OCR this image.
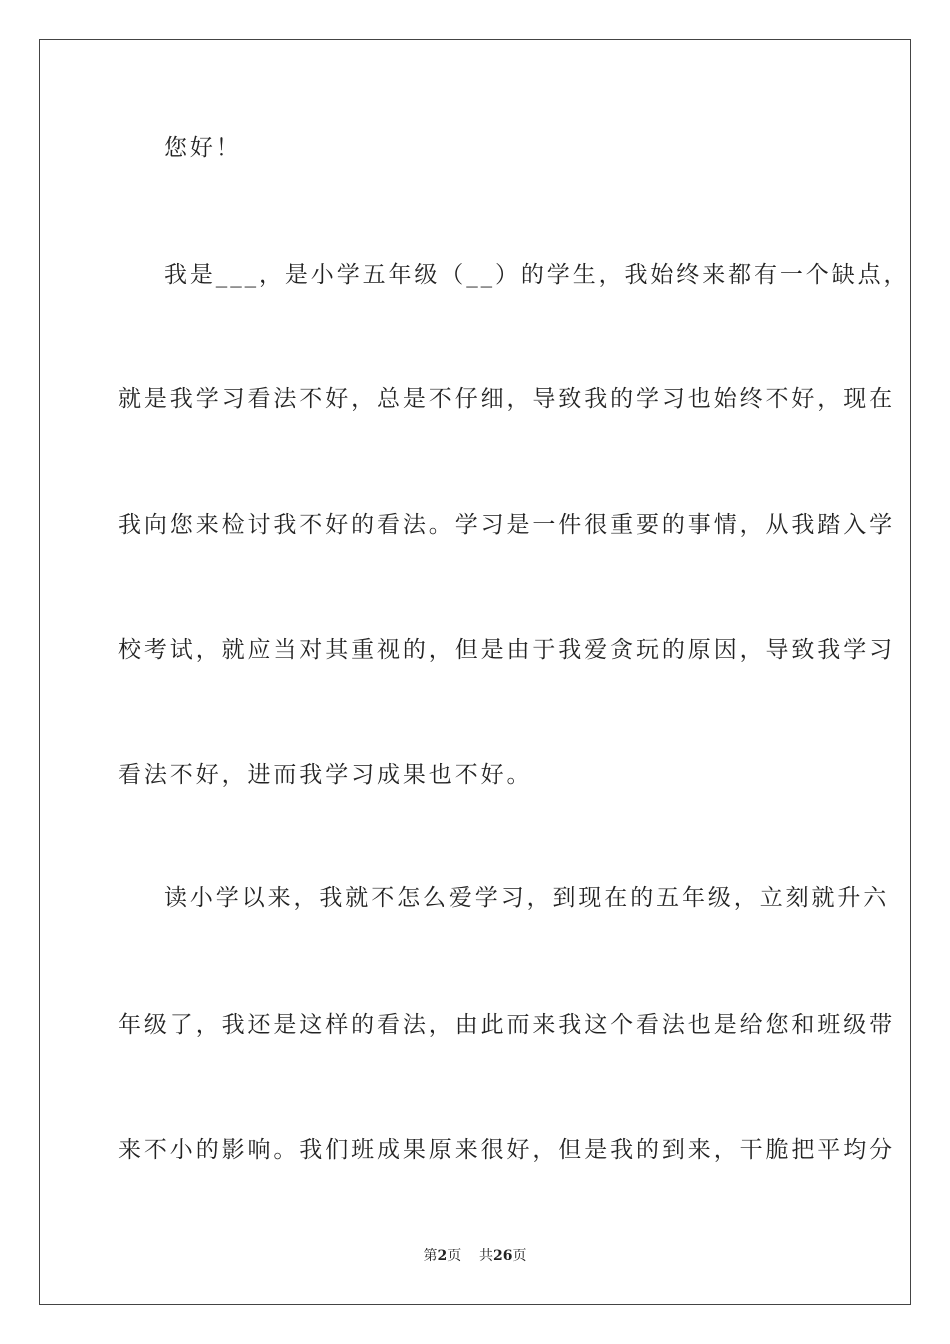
您好！

我是___，是小学五年级（__）的学生，我始终来都有一个缺点，

就是我学习看法不好，总是不仔细，导致我的学习也始终不好，现在

我向您来检讨我不好的看法。学习是一件很重要的事情，从我踏入学

校考试，就应当对其重视的，但是由于我爱贪玩的原因，导致我学习

看法不好，进而我学习成果也不好。

读小学以来，我就不怎么爱学习，到现在的五年级，立刻就升六

年级了，我还是这样的看法，由此而来我这个看法也是给您和班级带

来不小的影响。我们班成果原来很好，但是我的到来，干脆把平均分

第2页 共26页
